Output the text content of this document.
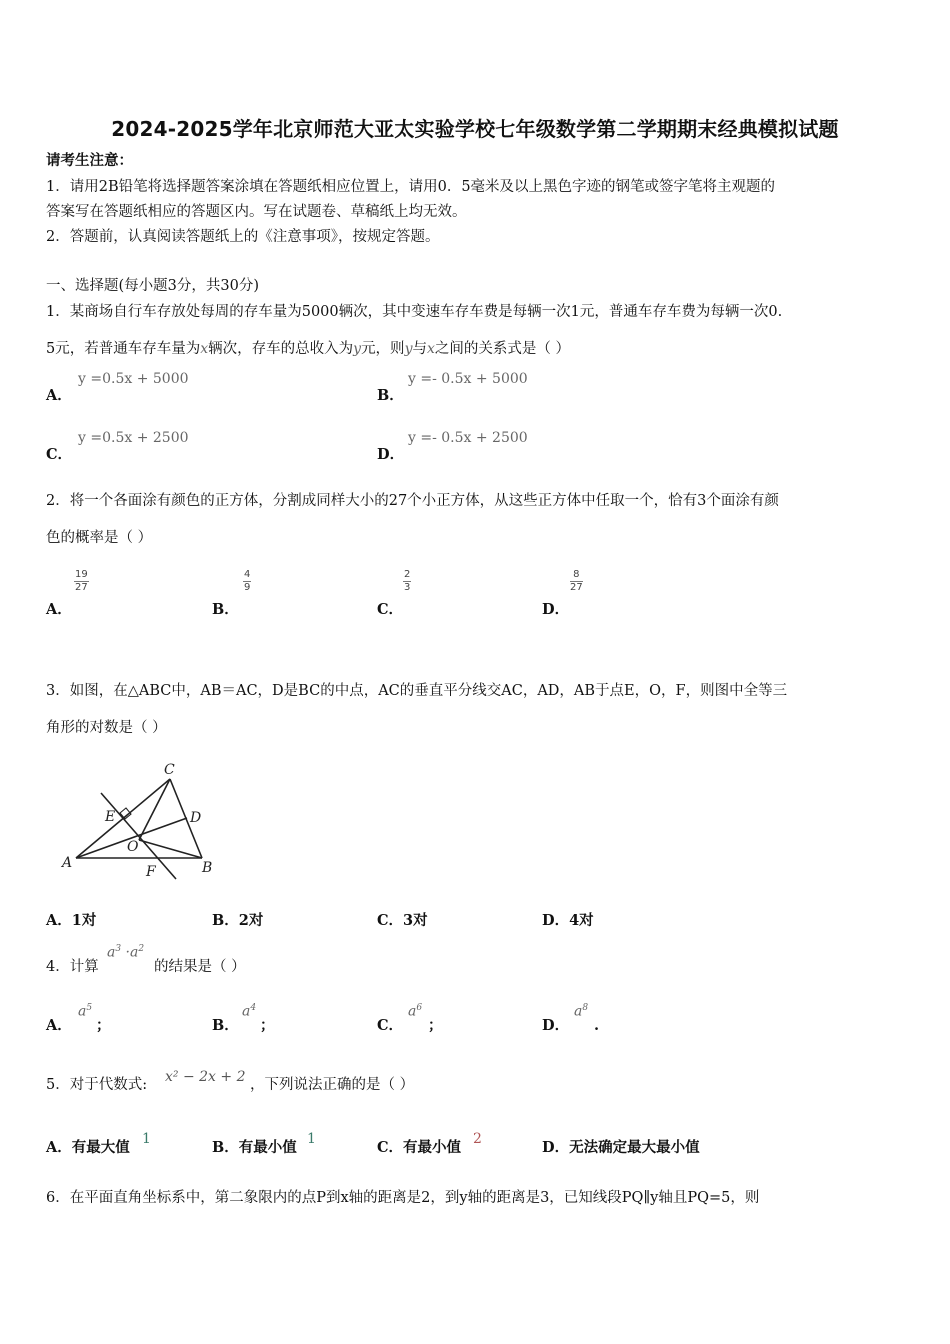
2024-2025学年北京师范大亚太实验学校七年级数学第二学期期末经典模拟试题
请考生注意：
1．请用2B铅笔将选择题答案涂填在答题纸相应位置上，请用0．5毫米及以上黑色字迹的钢笔或签字笔将主观题的
答案写在答题纸相应的答题区内。写在试题卷、草稿纸上均无效。
2．答题前，认真阅读答题纸上的《注意事项》，按规定答题。
一、选择题(每小题3分，共30分)
1．某商场自行车存放处每周的存车量为5000辆次，其中变速车存车费是每辆一次1元，普通车存车费为每辆一次0.
5元，若普通车存车量为x辆次，存车的总收入为y元，则y与x之间的关系式是（ ）
A．
y =0.5x + 5000
B．
y =- 0.5x + 5000
C．
y =0.5x + 2500
D．
y =- 0.5x + 2500
2．将一个各面涂有颜色的正方体，分割成同样大小的27个小正方体，从这些正方体中任取一个，恰有3个面涂有颜
色的概率是（ ）
A．
$\frac{19}{27}$
B．
$\frac{4}{9}$
C．
$\frac{2}{3}$
D．
$\frac{8}{27}$
3．如图，在△ABC中，AB＝AC，D是BC的中点，AC的垂直平分线交AC，AD，AB于点E，O，F，则图中全等三
角形的对数是（ ）
C
E	D
O
A
F	B
A．1对	B．2对	C．3对	D．4对
4．计算
$a^3 \cdot a^2$
的结果是（ ）
A．
$a^5$
；	B．
$a^4$
；	C．
$a^6$
；	D．
$a^8$
.
5．对于代数式: x² − 2x + 2 ，下列说法正确的是（ ）
A．有最大值 1	B．有最小值 1	C．有最小值 2	D．无法确定最大最小值
6．在平面直角坐标系中，第二象限内的点P到x轴的距离是2，到y轴的距离是3，已知线段PQ∥y轴且PQ=5，则
